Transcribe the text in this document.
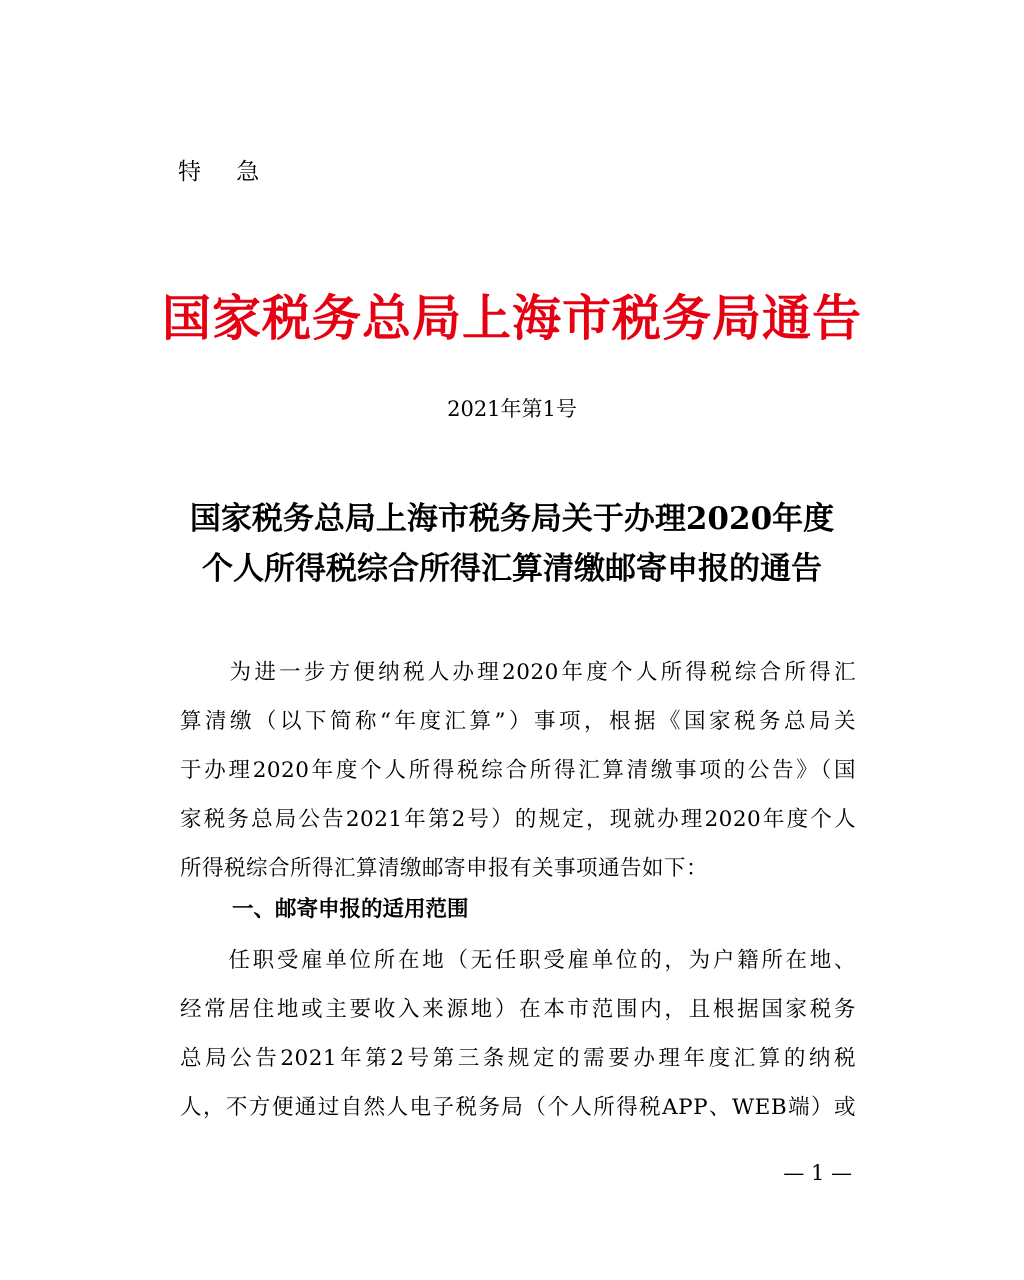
特 急
国家税务总局上海市税务局通告
2021年第1号
国家税务总局上海市税务局关于办理2020年度
个人所得税综合所得汇算清缴邮寄申报的通告
　　为进一步方便纳税人办理2020年度个人所得税综合所得汇
算清缴（以下简称“年度汇算”）事项，根据《国家税务总局关
于办理2020年度个人所得税综合所得汇算清缴事项的公告》（国
家税务总局公告2021年第2号）的规定，现就办理2020年度个人
所得税综合所得汇算清缴邮寄申报有关事项通告如下：
一、邮寄申报的适用范围
　　任职受雇单位所在地（无任职受雇单位的，为户籍所在地、
经常居住地或主要收入来源地）在本市范围内，且根据国家税务
总局公告2021年第2号第三条规定的需要办理年度汇算的纳税
人，不方便通过自然人电子税务局（个人所得税APP、WEB端）或
— 1 —
